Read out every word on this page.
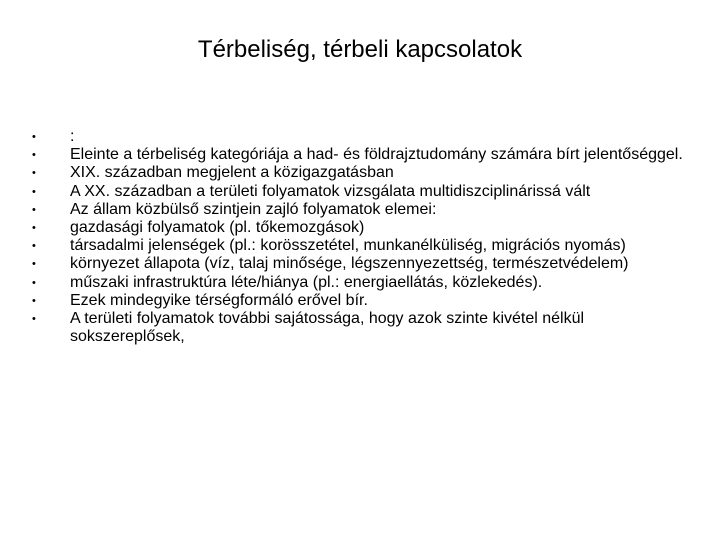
Térbeliség, térbeli kapcsolatok
• :
• Eleinte a térbeliség kategóriája a had- és földrajztudomány számára bírt jelentőséggel.
• XIX. században megjelent a közigazgatásban
• A XX. században a területi folyamatok vizsgálata multidiszciplinárissá vált
• Az állam közbülső szintjein zajló folyamatok elemei:
• gazdasági folyamatok (pl. tőkemozgások)
• társadalmi jelenségek (pl.: korösszetétel, munkanélküliség, migrációs nyomás)
• környezet állapota (víz, talaj minősége, légszennyezettség, természetvédelem)
• műszaki infrastruktúra léte/hiánya (pl.: energiaellátás, közlekedés).
• Ezek mindegyike térségformáló erővel bír.
• A területi folyamatok további sajátossága, hogy azok szinte kivétel nélkül sokszereplősek,
